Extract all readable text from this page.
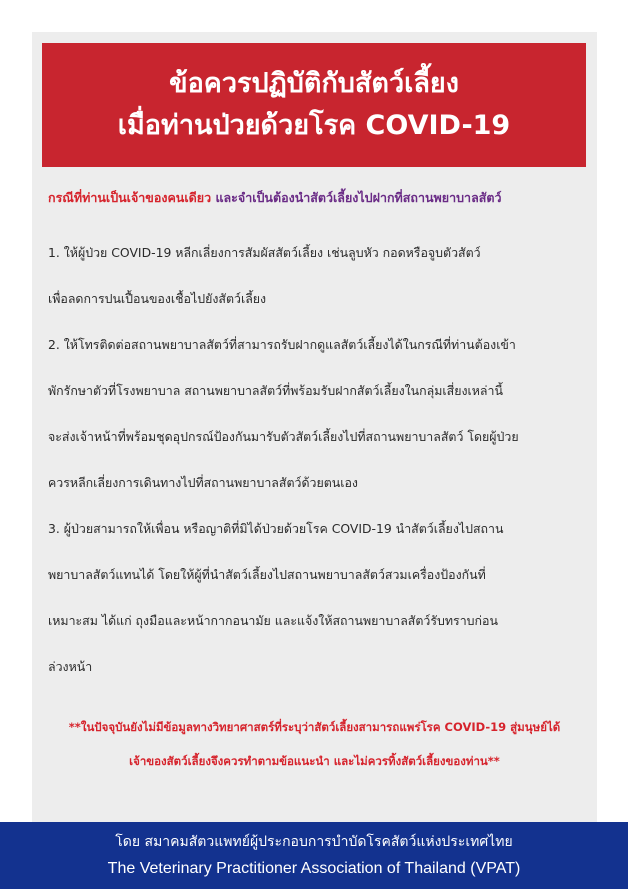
ข้อควรปฏิบัติกับสัตว์เลี้ยง
เมื่อท่านป่วยด้วยโรค COVID-19
กรณีที่ท่านเป็นเจ้าของคนเดียว และจำเป็นต้องนำสัตว์เลี้ยงไปฝากที่สถานพยาบาลสัตว์
1. ให้ผู้ป่วย COVID-19 หลีกเลี่ยงการสัมผัสสัตว์เลี้ยง เช่นลูบหัว กอดหรือจูบตัวสัตว์
เพื่อลดการปนเปื้อนของเชื้อไปยังสัตว์เลี้ยง
2. ให้โทรติดต่อสถานพยาบาลสัตว์ที่สามารถรับฝากดูแลสัตว์เลี้ยงได้ในกรณีที่ท่านต้องเข้า
พักรักษาตัวที่โรงพยาบาล สถานพยาบาลสัตว์ที่พร้อมรับฝากสัตว์เลี้ยงในกลุ่มเสี่ยงเหล่านี้
จะส่งเจ้าหน้าที่พร้อมชุดอุปกรณ์ป้องกันมารับตัวสัตว์เลี้ยงไปที่สถานพยาบาลสัตว์ โดยผู้ป่วย
ควรหลีกเลี่ยงการเดินทางไปที่สถานพยาบาลสัตว์ด้วยตนเอง
3. ผู้ป่วยสามารถให้เพื่อน หรือญาติที่มิได้ป่วยด้วยโรค COVID-19 นำสัตว์เลี้ยงไปสถาน
พยาบาลสัตว์แทนได้ โดยให้ผู้ที่นำสัตว์เลี้ยงไปสถานพยาบาลสัตว์สวมเครื่องป้องกันที่
เหมาะสม ได้แก่ ถุงมือและหน้ากากอนามัย และแจ้งให้สถานพยาบาลสัตว์รับทราบก่อน
ล่วงหน้า
**ในปัจจุบันยังไม่มีข้อมูลทางวิทยาศาสตร์ที่ระบุว่าสัตว์เลี้ยงสามารถแพร่โรค COVID-19 สู่มนุษย์ได้
เจ้าของสัตว์เลี้ยงจึงควรทำตามข้อแนะนำ และไม่ควรทิ้งสัตว์เลี้ยงของท่าน**
โดย สมาคมสัตวแพทย์ผู้ประกอบการบำบัดโรคสัตว์แห่งประเทศไทย
The Veterinary Practitioner Association of Thailand (VPAT)
